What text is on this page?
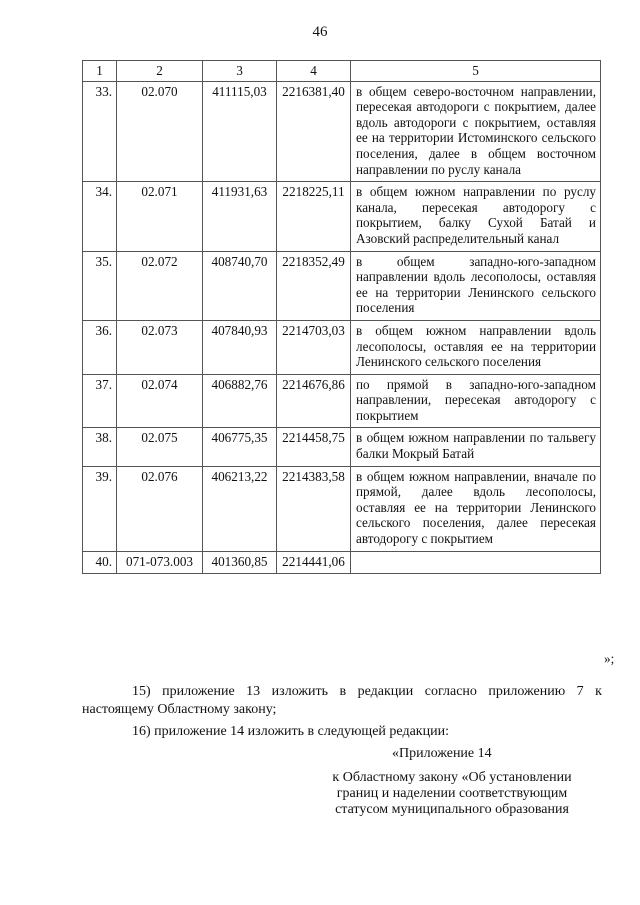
46
1	2	3	4	5
33.	02.070	411115,03	2216381,40	в общем северо-восточном направлении, пересекая автодороги с покрытием, далее вдоль автодороги с покрытием, оставляя ее на территории Истоминского сельского поселения, далее в общем восточном направлении по руслу канала
34.	02.071	411931,63	2218225,11	в общем южном направлении по руслу канала, пересекая автодорогу с покрытием, балку Сухой Батай и Азовский распределительный канал
35.	02.072	408740,70	2218352,49	в общем западно-юго-западном направлении вдоль лесополосы, оставляя ее на территории Ленинского сельского поселения
36.	02.073	407840,93	2214703,03	в общем южном направлении вдоль лесополосы, оставляя ее на территории Ленинского сельского поселения
37.	02.074	406882,76	2214676,86	по прямой в западно-юго-западном направлении, пересекая автодорогу с покрытием
38.	02.075	406775,35	2214458,75	в общем южном направлении по тальвегу балки Мокрый Батай
39.	02.076	406213,22	2214383,58	в общем южном направлении, вначале по прямой, далее вдоль лесополосы, оставляя ее на территории Ленинского сельского поселения, далее пересекая автодорогу с покрытием
40.	071-073.003	401360,85	2214441,06	
»;
15) приложение 13 изложить в редакции согласно приложению 7 к настоящему Областному закону;
16) приложение 14 изложить в следующей редакции:
«Приложение 14
к Областному закону «Об установлении границ и наделении соответствующим статусом муниципального образования
